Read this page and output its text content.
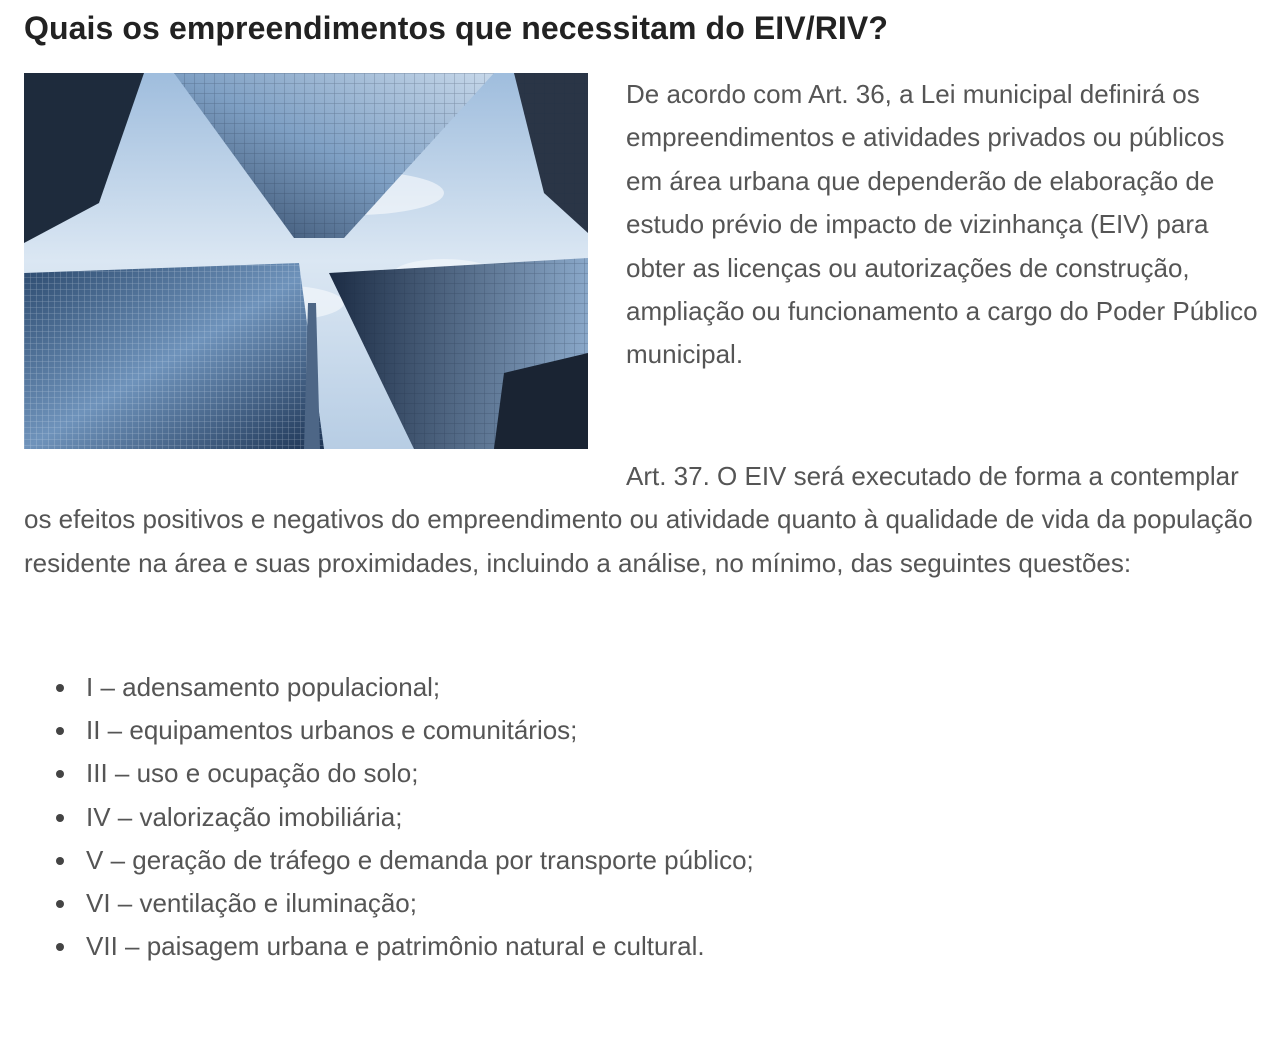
Quais os empreendimentos que necessitam do EIV/RIV?

De acordo com Art. 36, a Lei municipal definirá os empreendimentos e atividades privados ou públicos em área urbana que dependerão de elaboração de estudo prévio de impacto de vizinhança (EIV) para obter as licenças ou autorizações de construção, ampliação ou funcionamento a cargo do Poder Público municipal.

Art. 37. O EIV será executado de forma a contemplar os efeitos positivos e negativos do empreendimento ou atividade quanto à qualidade de vida da população residente na área e suas proximidades, incluindo a análise, no mínimo, das seguintes questões:

I – adensamento populacional;
II – equipamentos urbanos e comunitários;
III – uso e ocupação do solo;
IV – valorização imobiliária;
V – geração de tráfego e demanda por transporte público;
VI – ventilação e iluminação;
VII – paisagem urbana e patrimônio natural e cultural.
